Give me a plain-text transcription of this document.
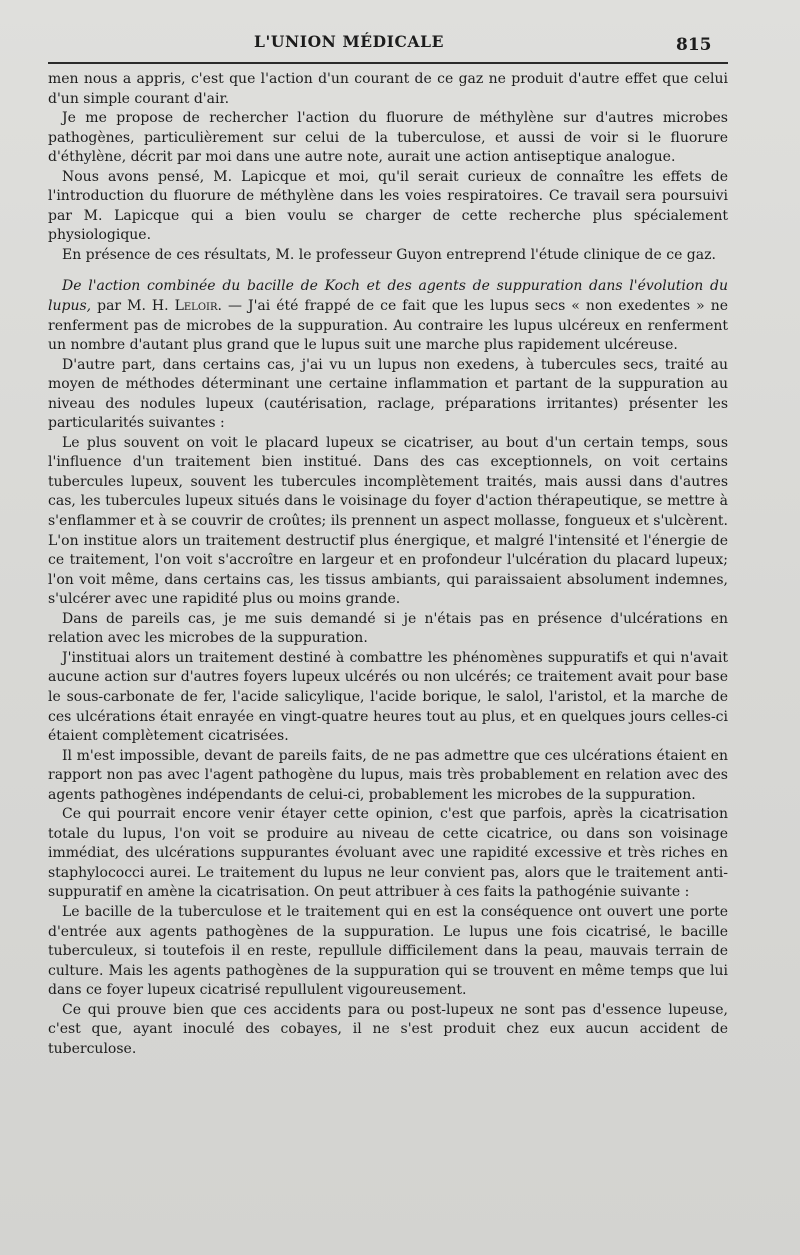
L'UNION MÉDICALE	815

men nous a appris, c'est que l'action d'un courant de ce gaz ne produit d'autre effet que celui d'un simple courant d'air.

Je me propose de rechercher l'action du fluorure de méthylène sur d'autres microbes pathogènes, particulièrement sur celui de la tuberculose, et aussi de voir si le fluorure d'éthylène, décrit par moi dans une autre note, aurait une action antiseptique analogue.

Nous avons pensé, M. Lapicque et moi, qu'il serait curieux de connaître les effets de l'introduction du fluorure de méthylène dans les voies respiratoires. Ce travail sera poursuivi par M. Lapicque qui a bien voulu se charger de cette recherche plus spécialement physiologique.

En présence de ces résultats, M. le professeur Guyon entreprend l'étude clinique de ce gaz.

De l'action combinée du bacille de Koch et des agents de suppuration dans l'évolution du lupus, par M. H. Leloir. — J'ai été frappé de ce fait que les lupus secs « non exedentes » ne renferment pas de microbes de la suppuration. Au contraire les lupus ulcéreux en renferment un nombre d'autant plus grand que le lupus suit une marche plus rapidement ulcéreuse.

D'autre part, dans certains cas, j'ai vu un lupus non exedens, à tubercules secs, traité au moyen de méthodes déterminant une certaine inflammation et partant de la suppuration au niveau des nodules lupeux (cautérisation, raclage, préparations irritantes) présenter les particularités suivantes :

Le plus souvent on voit le placard lupeux se cicatriser, au bout d'un certain temps, sous l'influence d'un traitement bien institué. Dans des cas exceptionnels, on voit certains tubercules lupeux, souvent les tubercules incomplètement traités, mais aussi dans d'autres cas, les tubercules lupeux situés dans le voisinage du foyer d'action thérapeutique, se mettre à s'enflammer et à se couvrir de croûtes; ils prennent un aspect mollasse, fongueux et s'ulcèrent. L'on institue alors un traitement destructif plus énergique, et malgré l'intensité et l'énergie de ce traitement, l'on voit s'accroître en largeur et en profondeur l'ulcération du placard lupeux; l'on voit même, dans certains cas, les tissus ambiants, qui paraissaient absolument indemnes, s'ulcérer avec une rapidité plus ou moins grande.

Dans de pareils cas, je me suis demandé si je n'étais pas en présence d'ulcérations en relation avec les microbes de la suppuration.

J'instituai alors un traitement destiné à combattre les phénomènes suppuratifs et qui n'avait aucune action sur d'autres foyers lupeux ulcérés ou non ulcérés; ce traitement avait pour base le sous-carbonate de fer, l'acide salicylique, l'acide borique, le salol, l'aristol, et la marche de ces ulcérations était enrayée en vingt-quatre heures tout au plus, et en quelques jours celles-ci étaient complètement cicatrisées.

Il m'est impossible, devant de pareils faits, de ne pas admettre que ces ulcérations étaient en rapport non pas avec l'agent pathogène du lupus, mais très probablement en relation avec des agents pathogènes indépendants de celui-ci, probablement les microbes de la suppuration.

Ce qui pourrait encore venir étayer cette opinion, c'est que parfois, après la cicatrisation totale du lupus, l'on voit se produire au niveau de cette cicatrice, ou dans son voisinage immédiat, des ulcérations suppurantes évoluant avec une rapidité excessive et très riches en staphylococci aurei. Le traitement du lupus ne leur convient pas, alors que le traitement anti-suppuratif en amène la cicatrisation. On peut attribuer à ces faits la pathogénie suivante :

Le bacille de la tuberculose et le traitement qui en est la conséquence ont ouvert une porte d'entrée aux agents pathogènes de la suppuration. Le lupus une fois cicatrisé, le bacille tuberculeux, si toutefois il en reste, repullule difficilement dans la peau, mauvais terrain de culture. Mais les agents pathogènes de la suppuration qui se trouvent en même temps que lui dans ce foyer lupeux cicatrisé repullulent vigoureusement.

Ce qui prouve bien que ces accidents para ou post-lupeux ne sont pas d'essence lupeuse, c'est que, ayant inoculé des cobayes, il ne s'est produit chez eux aucun accident de tuberculose.
